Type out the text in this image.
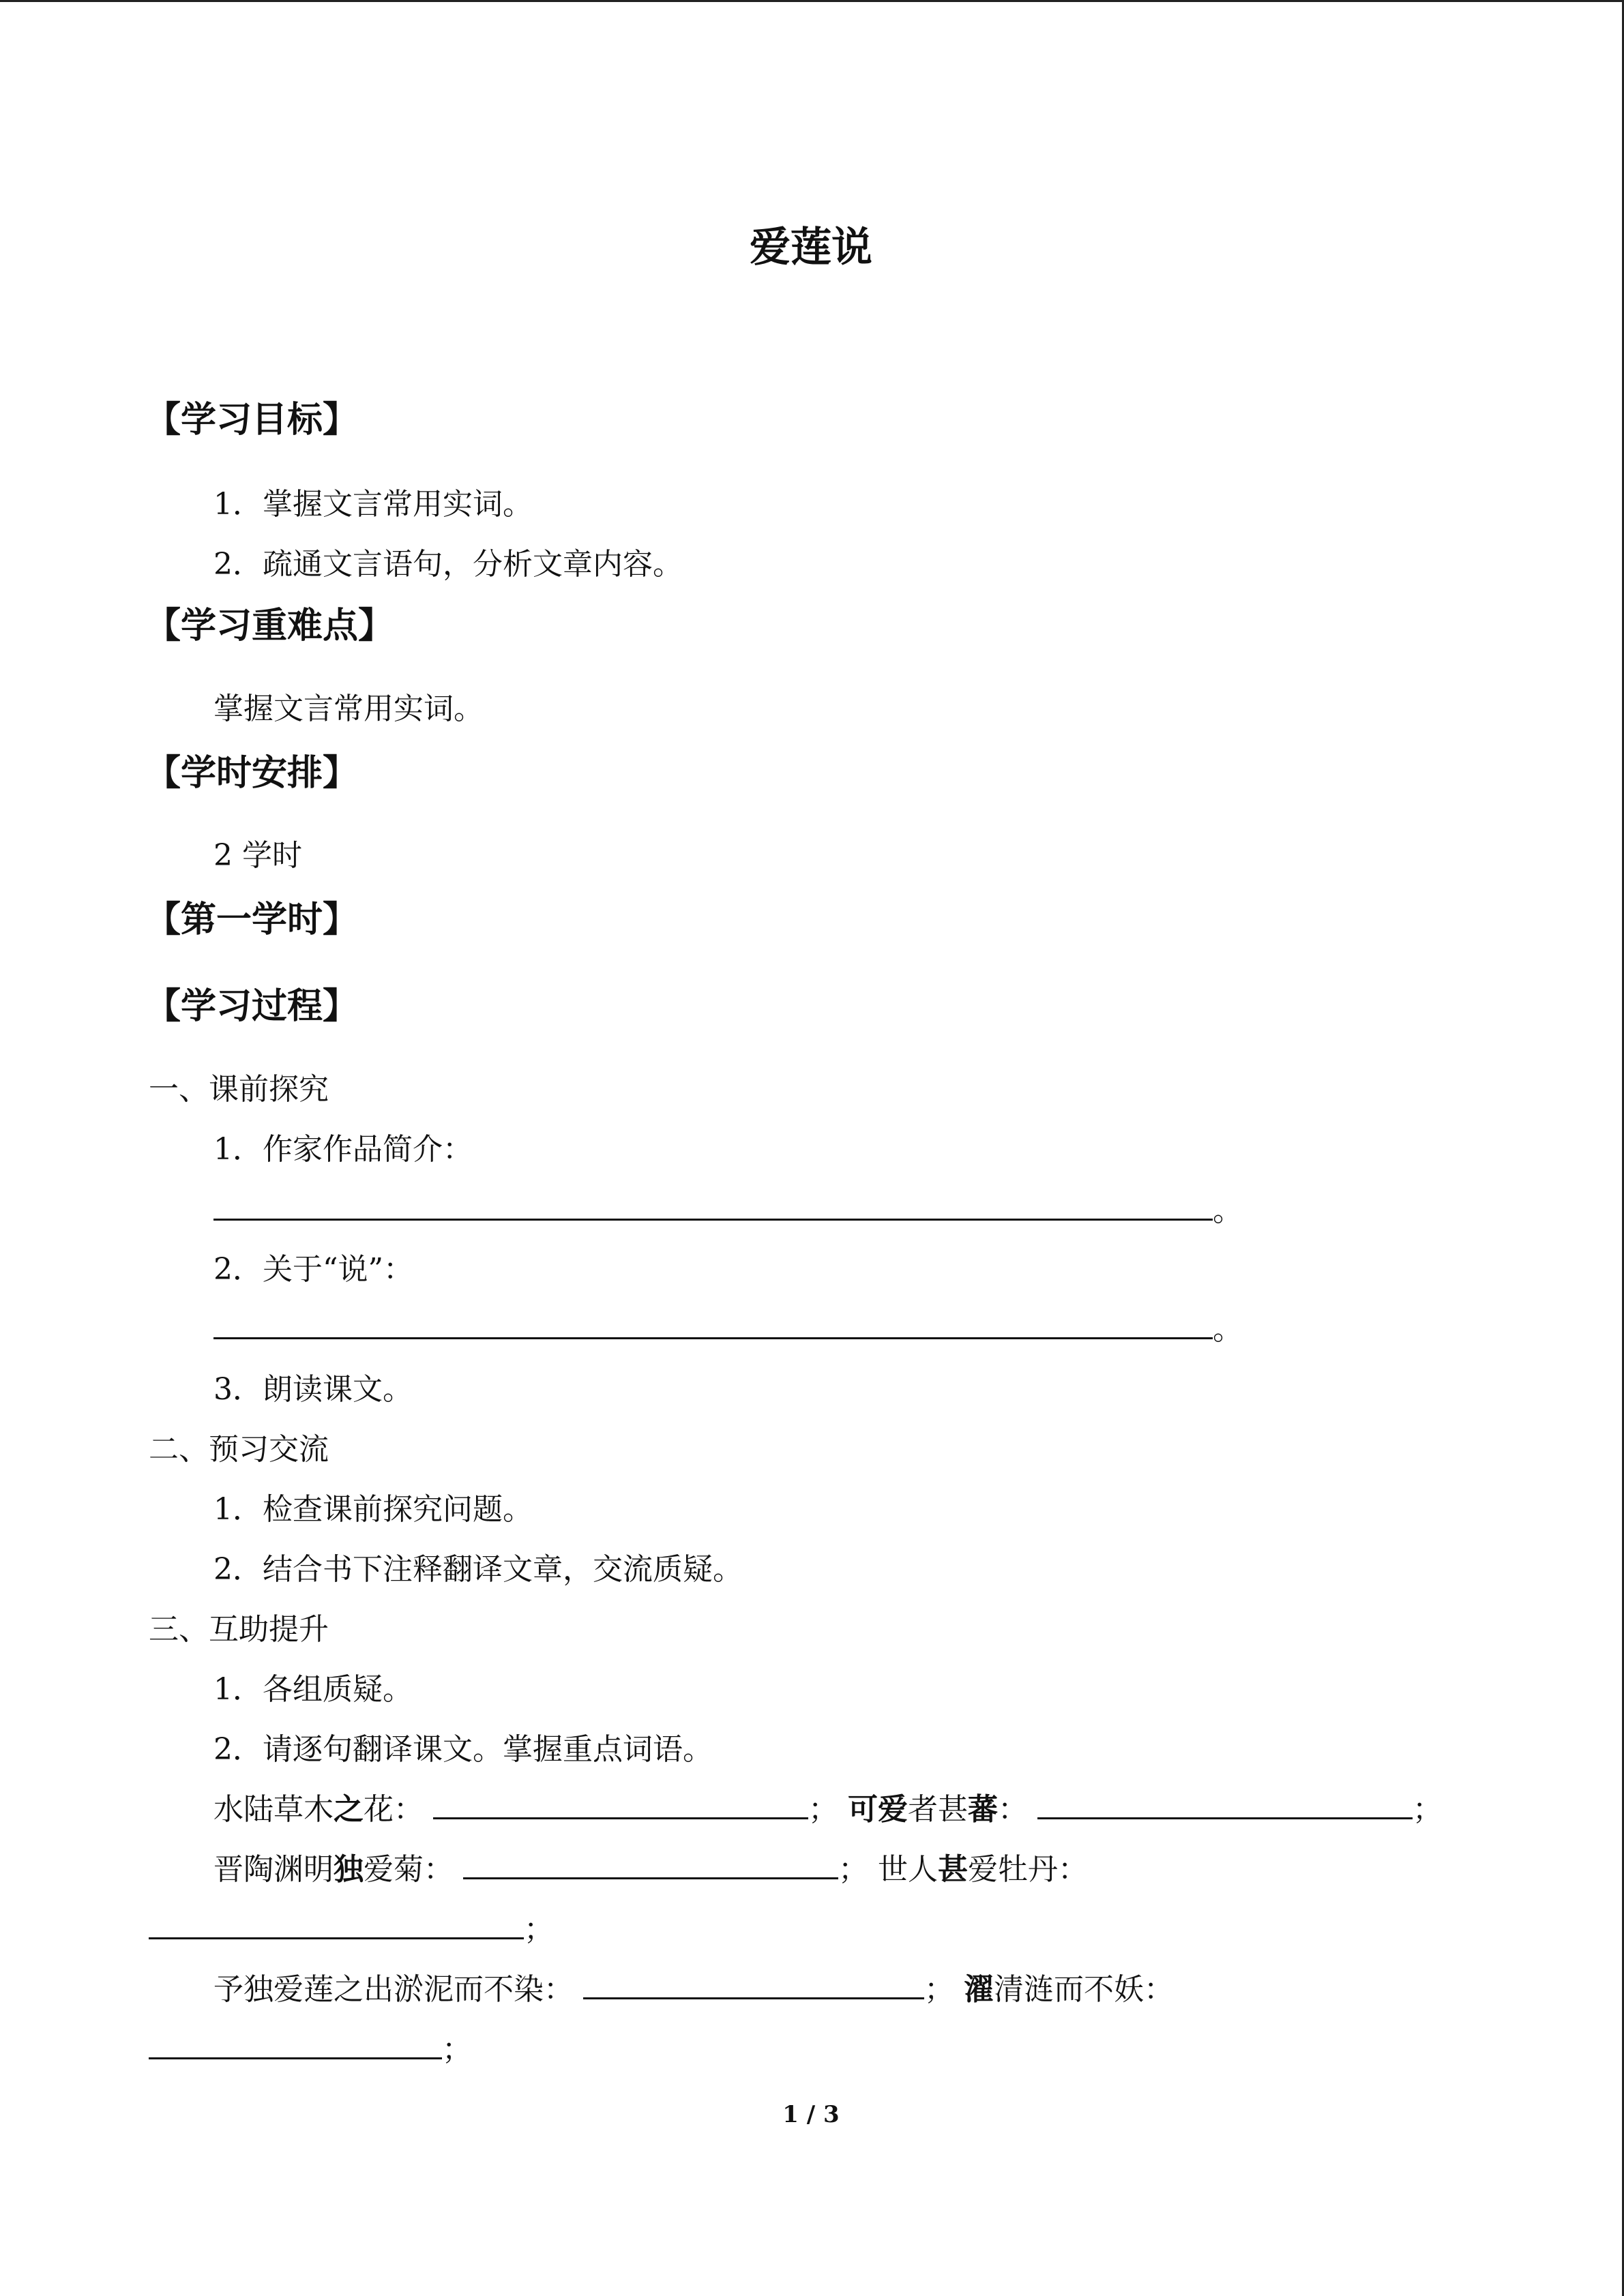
爱莲说
【学习目标】
1．掌握文言常用实词。
2．疏通文言语句，分析文章内容。
【学习重难点】
掌握文言常用实词。
【学时安排】
2 学时
【第一学时】
【学习过程】
一、课前探究
1．作家作品简介：
。
2．关于“说”：
。
3．朗读课文。
二、预习交流
1．检查课前探究问题。
2．结合书下注释翻译文章，交流质疑。
三、互助提升
1．各组质疑。
2．请逐句翻译课文。掌握重点词语。
水陆草木之花：	； 可爱者甚蕃：	；
晋陶渊明独爱菊：	； 世人甚爱牡丹：
；
予独爱莲之出淤泥而不染：	； 濯清涟而不妖：
；
1 / 3
